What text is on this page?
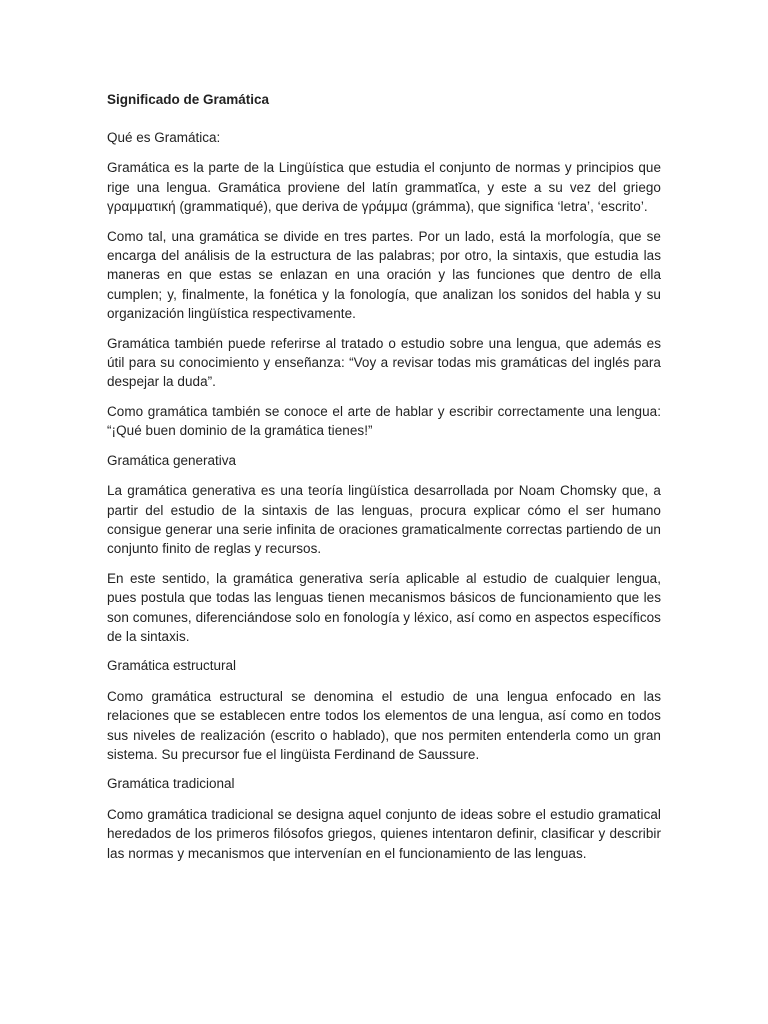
Significado de Gramática
Qué es Gramática:

Gramática es la parte de la Lingüística que estudia el conjunto de normas y principios que rige una lengua. Gramática proviene del latín grammatĭca, y este a su vez del griego γραμματική (grammatiqué), que deriva de γράμμα (grámma), que significa ‘letra’, ‘escrito’.

Como tal, una gramática se divide en tres partes. Por un lado, está la morfología, que se encarga del análisis de la estructura de las palabras; por otro, la sintaxis, que estudia las maneras en que estas se enlazan en una oración y las funciones que dentro de ella cumplen; y, finalmente, la fonética y la fonología, que analizan los sonidos del habla y su organización lingüística respectivamente.

Gramática también puede referirse al tratado o estudio sobre una lengua, que además es útil para su conocimiento y enseñanza: “Voy a revisar todas mis gramáticas del inglés para despejar la duda”.

Como gramática también se conoce el arte de hablar y escribir correctamente una lengua: “¡Qué buen dominio de la gramática tienes!”

Gramática generativa

La gramática generativa es una teoría lingüística desarrollada por Noam Chomsky que, a partir del estudio de la sintaxis de las lenguas, procura explicar cómo el ser humano consigue generar una serie infinita de oraciones gramaticalmente correctas partiendo de un conjunto finito de reglas y recursos.

En este sentido, la gramática generativa sería aplicable al estudio de cualquier lengua, pues postula que todas las lenguas tienen mecanismos básicos de funcionamiento que les son comunes, diferenciándose solo en fonología y léxico, así como en aspectos específicos de la sintaxis.

Gramática estructural

Como gramática estructural se denomina el estudio de una lengua enfocado en las relaciones que se establecen entre todos los elementos de una lengua, así como en todos sus niveles de realización (escrito o hablado), que nos permiten entenderla como un gran sistema. Su precursor fue el lingüista Ferdinand de Saussure.

Gramática tradicional

Como gramática tradicional se designa aquel conjunto de ideas sobre el estudio gramatical heredados de los primeros filósofos griegos, quienes intentaron definir, clasificar y describir las normas y mecanismos que intervenían en el funcionamiento de las lenguas.
